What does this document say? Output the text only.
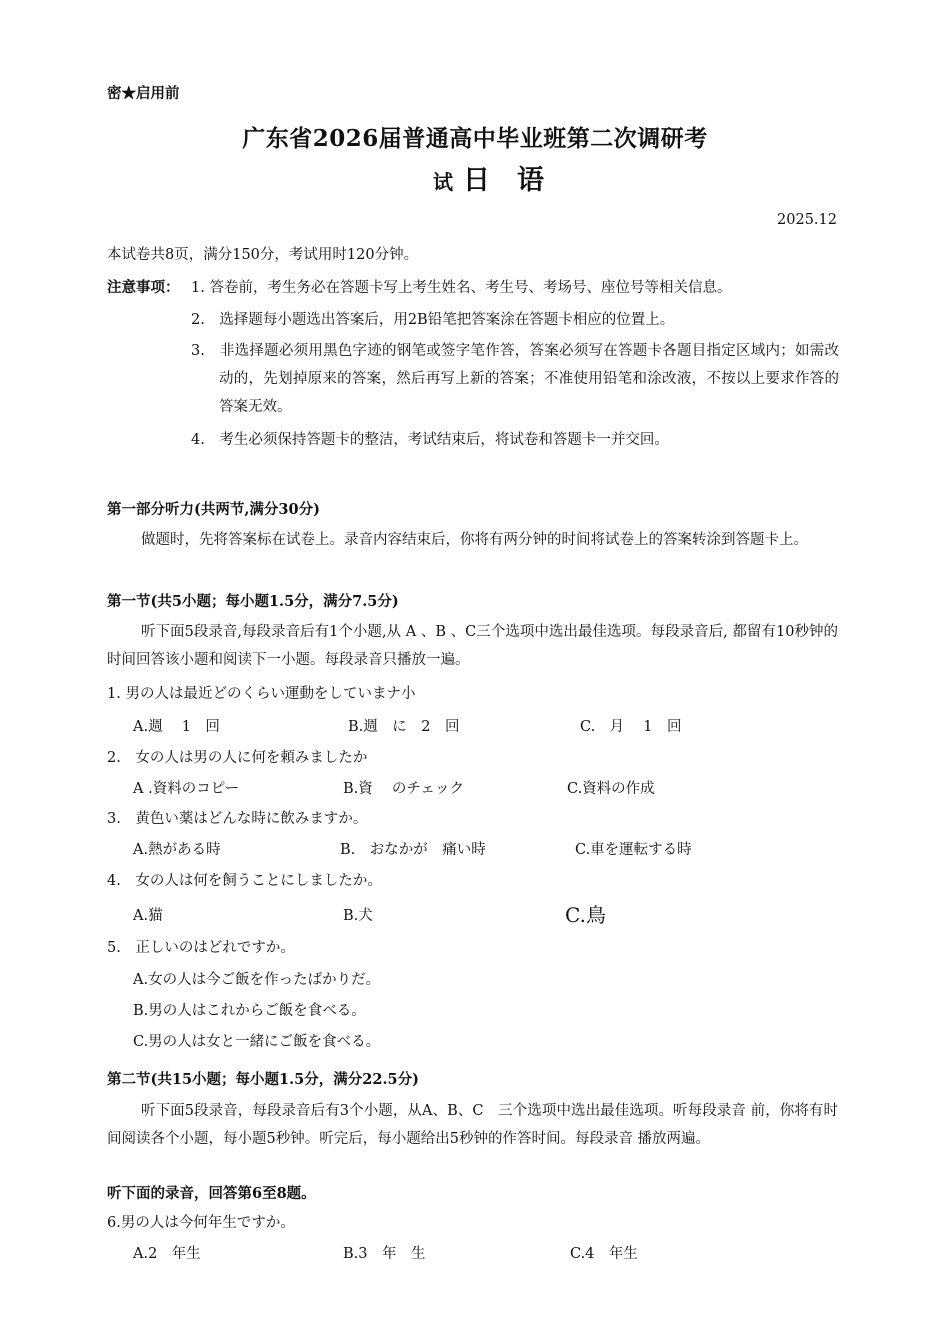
密★启用前
广东省2026届普通高中毕业班第二次调研考
试 日　语
2025.12
本试卷共8页，满分150分，考试用时120分钟。
注意事项： 1. 答卷前，考生务必在答题卡写上考生姓名、考生号、考场号、座位号等相关信息。
2.　选择题每小题选出答案后，用2B铅笔把答案涂在答题卡相应的位置上。
3.　非选择题必须用黑色字迹的钢笔或签字笔作答，答案必须写在答题卡各题目指定区域内；如需改动的，先划掉原来的答案，然后再写上新的答案；不准使用铅笔和涂改液，不按以上要求作答的答案无效。
4.　考生必须保持答题卡的整洁，考试结束后，将试卷和答题卡一并交回。
第一部分听力(共两节,满分30分)
做题时，先将答案标在试卷上。录音内容结束后，你将有两分钟的时间将试卷上的答案转涂到答题卡上。
第一节(共5小题；每小题1.5分，满分7.5分)
听下面5段录音,每段录音后有1个小题,从 A 、B 、C三个选项中选出最佳选项。每段录音后, 都留有10秒钟的时间回答该小题和阅读下一小题。每段录音只播放一遍。
1. 男の人は最近どのくらい運動をしていまナ小
A.週　 1　回	B.週　に　2　回	C.　月 　1　回
2.　女の人は男の人に何を頼みましたか
A .資料のコピー	B.資　 のチェック	C.資料の作成
3.　黄色い薬はどんな時に飲みますか。
A.熱がある時	B.　おなかが　痛い時	C.車を運転する時
4.　女の人は何を飼うことにしましたか。
A.猫	B.犬	C.鳥
5.　正しいのはどれですか。
A.女の人は今ご飯を作ったばかりだ。
B.男の人はこれからご飯を食べる。
C.男の人は女と一緒にご飯を食べる。
第二节(共15小题；每小题1.5分，满分22.5分)
听下面5段录音，每段录音后有3个小题，从A、B、C　三个选项中选出最佳选项。听每段录音 前，你将有时间阅读各个小题，每小题5秒钟。听完后，每小题给出5秒钟的作答时间。每段录音 播放两遍。
听下面的录音，回答第6至8题。
6.男の人は今何年生ですか。
A.2　年生	B.3　年　生	C.4　年生
